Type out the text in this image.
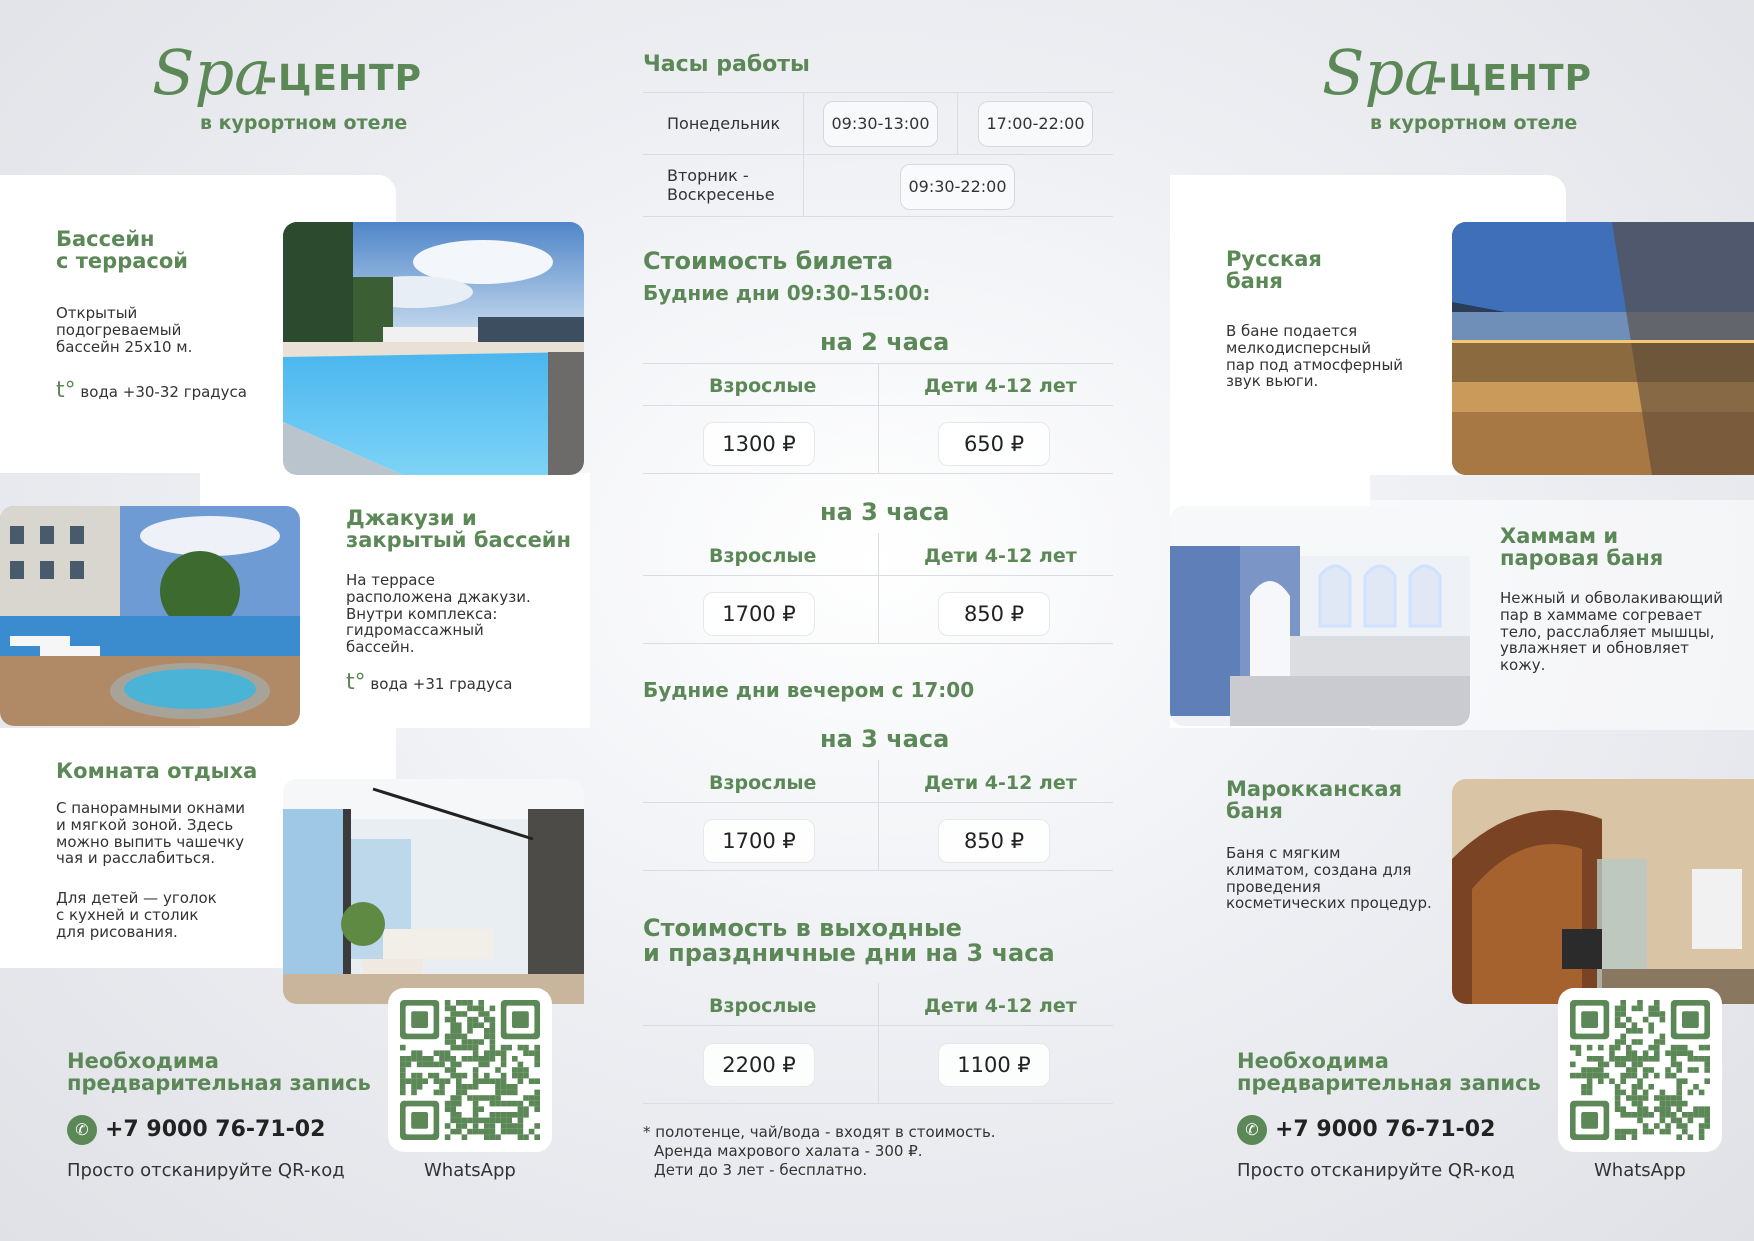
Spa
-ЦЕНТР
в курортном отеле
Бассейн
с террасой
Открытый
подогреваемый
бассейн 25x10 м.
t° вода +30-32 градуса
Джакузи и
закрытый бассейн
На террасе
расположена джакузи.
Внутри комплекса:
гидромассажный
бассейн.
t° вода +31 градуса
Комната отдыха
С панорамными окнами
и мягкой зоной. Здесь
можно выпить чашечку
чая и расслабиться.
Для детей — уголок
с кухней и столик
для рисования.
Необходима
предварительная запись
✆ +7 9000 76-71-02
Просто отсканируйте QR-код	WhatsApp
Часы работы
Понедельник	09:30-13:00	17:00-22:00
Вторник -
Воскресенье	09:30-22:00
Стоимость билета
Будние дни 09:30-15:00:
на 2 часа
Взрослые	Дети 4-12 лет
1300 ₽	650 ₽
на 3 часа
Взрослые	Дети 4-12 лет
1700 ₽	850 ₽
Будние дни вечером с 17:00
на 3 часа
Взрослые	Дети 4-12 лет
1700 ₽	850 ₽
Стоимость в выходные
и праздничные дни на 3 часа
Взрослые	Дети 4-12 лет
2200 ₽	1100 ₽
* полотенце, чай/вода - входят в стоимость.
Аренда махрового халата - 300 ₽.
Дети до 3 лет - бесплатно.
Spa
-ЦЕНТР
в курортном отеле
Русская
баня
В бане подается
мелкодисперсный
пар под атмосферный
звук вьюги.
Хаммам и
паровая баня
Нежный и обволакивающий
пар в хаммаме согревает
тело, расслабляет мышцы,
увлажняет и обновляет
кожу.
Марокканская
баня
Баня с мягким
климатом, создана для
проведения
косметических процедур.
Необходима
предварительная запись
✆ +7 9000 76-71-02
Просто отсканируйте QR-код	WhatsApp
